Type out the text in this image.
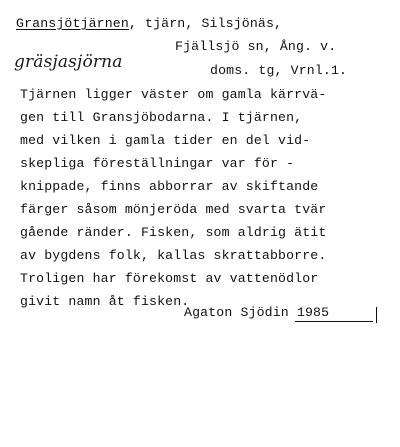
Gransjötjärnen, tjärn, Silsjönäs,
Fjällsjö sn, Ång. v.
gräsjasjörna	doms. tg, Vrnl.1.
Tjärnen ligger väster om gamla kärrvä-
gen till Gransjöbodarna. I tjärnen,
med vilken i gamla tider en del vid-
skepliga föreställningar var för -
knippade, finns abborrar av skiftande
färger såsom mönjeröda med svarta tvär
gående ränder. Fisken, som aldrig ätit
av bygdens folk, kallas skrattabborre.
Troligen har förekomst av vattenödlor
givit namn åt fisken.
Agaton Sjödin 1985
